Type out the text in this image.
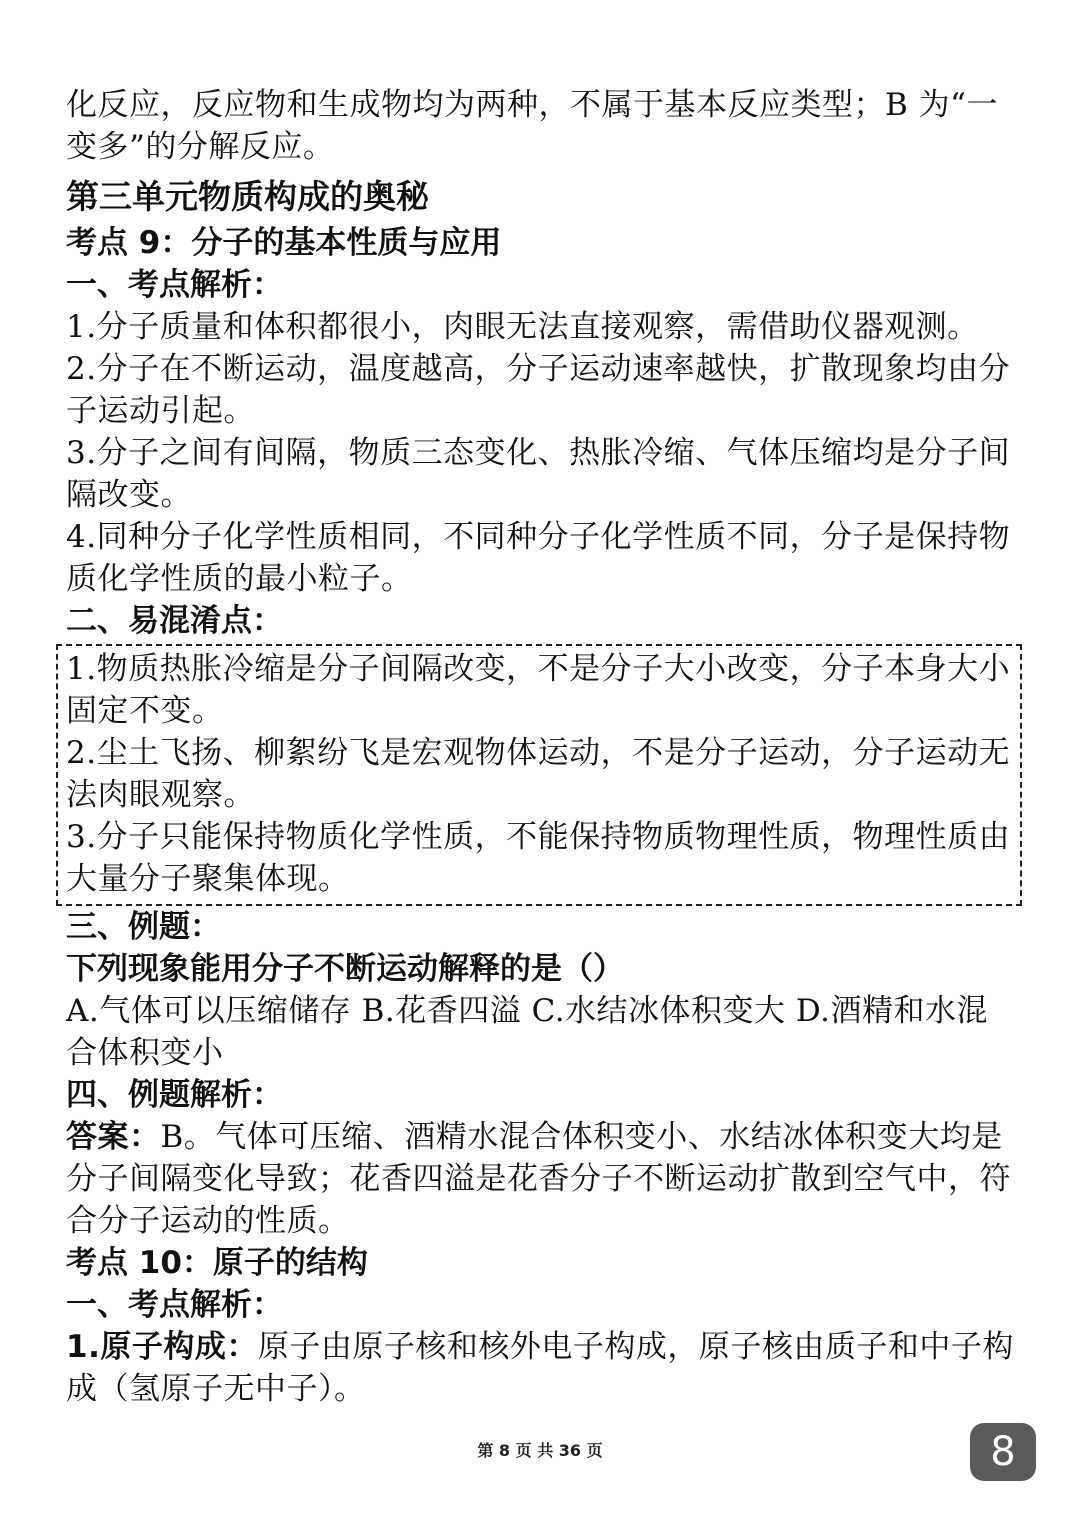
化反应，反应物和生成物均为两种，不属于基本反应类型；B 为“一

变多”的分解反应。

第三单元物质构成的奥秘

考点 9：分子的基本性质与应用

一、考点解析：

1.分子质量和体积都很小，肉眼无法直接观察，需借助仪器观测。

2.分子在不断运动，温度越高，分子运动速率越快，扩散现象均由分子运动引起。

3.分子之间有间隔，物质三态变化、热胀冷缩、气体压缩均是分子间隔改变。

4.同种分子化学性质相同，不同种分子化学性质不同，分子是保持物质化学性质的最小粒子。

二、易混淆点：

1.物质热胀冷缩是分子间隔改变，不是分子大小改变，分子本身大小固定不变。

2.尘土飞扬、柳絮纷飞是宏观物体运动，不是分子运动，分子运动无法肉眼观察。

3.分子只能保持物质化学性质，不能保持物质物理性质，物理性质由大量分子聚集体现。

三、例题：

下列现象能用分子不断运动解释的是（）

A.气体可以压缩储存 B.花香四溢 C.水结冰体积变大 D.酒精和水混合体积变小

四、例题解析：

答案：B。气体可压缩、酒精水混合体积变小、水结冰体积变大均是分子间隔变化导致；花香四溢是花香分子不断运动扩散到空气中，符合分子运动的性质。

考点 10：原子的结构

一、考点解析：

1.原子构成：原子由原子核和核外电子构成，原子核由质子和中子构成（氢原子无中子）。

第 8 页 共 36 页	8
